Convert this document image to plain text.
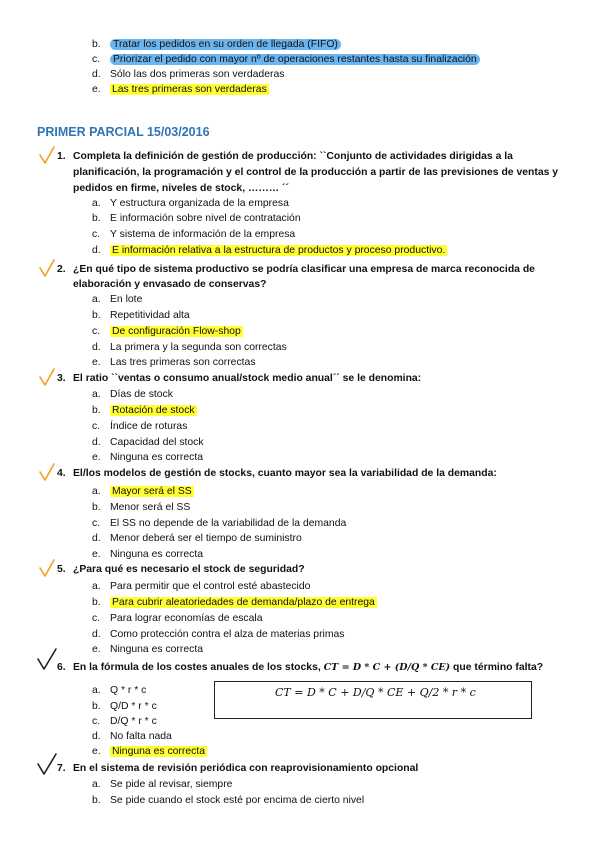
b. Tratar los pedidos en su orden de llegada (FIFO)
c. Priorizar el pedido con mayor nº de operaciones restantes hasta su finalización
d. Sólo las dos primeras son verdaderas
e. Las tres primeras son verdaderas
PRIMER PARCIAL 15/03/2016
1. Completa la definición de gestión de producción: ``Conjunto de actividades dirigidas a la
planificación, la programación y el control de la producción a partir de las previsiones de ventas y
pedidos en firme, niveles de stock, ……… ´´
a. Y estructura organizada de la empresa
b. E información sobre nivel de contratación
c. Y sistema de información de la empresa
d. E información relativa a la estructura de productos y proceso productivo.
2. ¿En qué tipo de sistema productivo se podría clasificar una empresa de marca reconocida de
elaboración y envasado de conservas?
a. En lote
b. Repetitividad alta
c. De configuración Flow-shop
d. La primera y la segunda son correctas
e. Las tres primeras son correctas
3. El ratio ``ventas o consumo anual/stock medio anual´´ se le denomina:
a. Días de stock
b. Rotación de stock
c. Índice de roturas
d. Capacidad del stock
e. Ninguna es correcta
4. El/los modelos de gestión de stocks, cuanto mayor sea la variabilidad de la demanda:
a. Mayor será el SS
b. Menor será el SS
c. El SS no depende de la variabilidad de la demanda
d. Menor deberá ser el tiempo de suministro
e. Ninguna es correcta
5. ¿Para qué es necesario el stock de seguridad?
a. Para permitir que el control esté abastecido
b. Para cubrir aleatoriedades de demanda/plazo de entrega
c. Para lograr economías de escala
d. Como protección contra el alza de materias primas
e. Ninguna es correcta
6. En la fórmula de los costes anuales de los stocks, CT = D * C + (D/Q * CE) que término falta?
a. Q * r * c
b. Q/D * r * c
c. D/Q * r * c
d. No falta nada
e. Ninguna es correcta
CT = D * C + D/Q * CE + Q/2 * r * c
7. En el sistema de revisión periódica con reaprovisionamiento opcional
a. Se pide al revisar, siempre
b. Se pide cuando el stock esté por encima de cierto nivel
